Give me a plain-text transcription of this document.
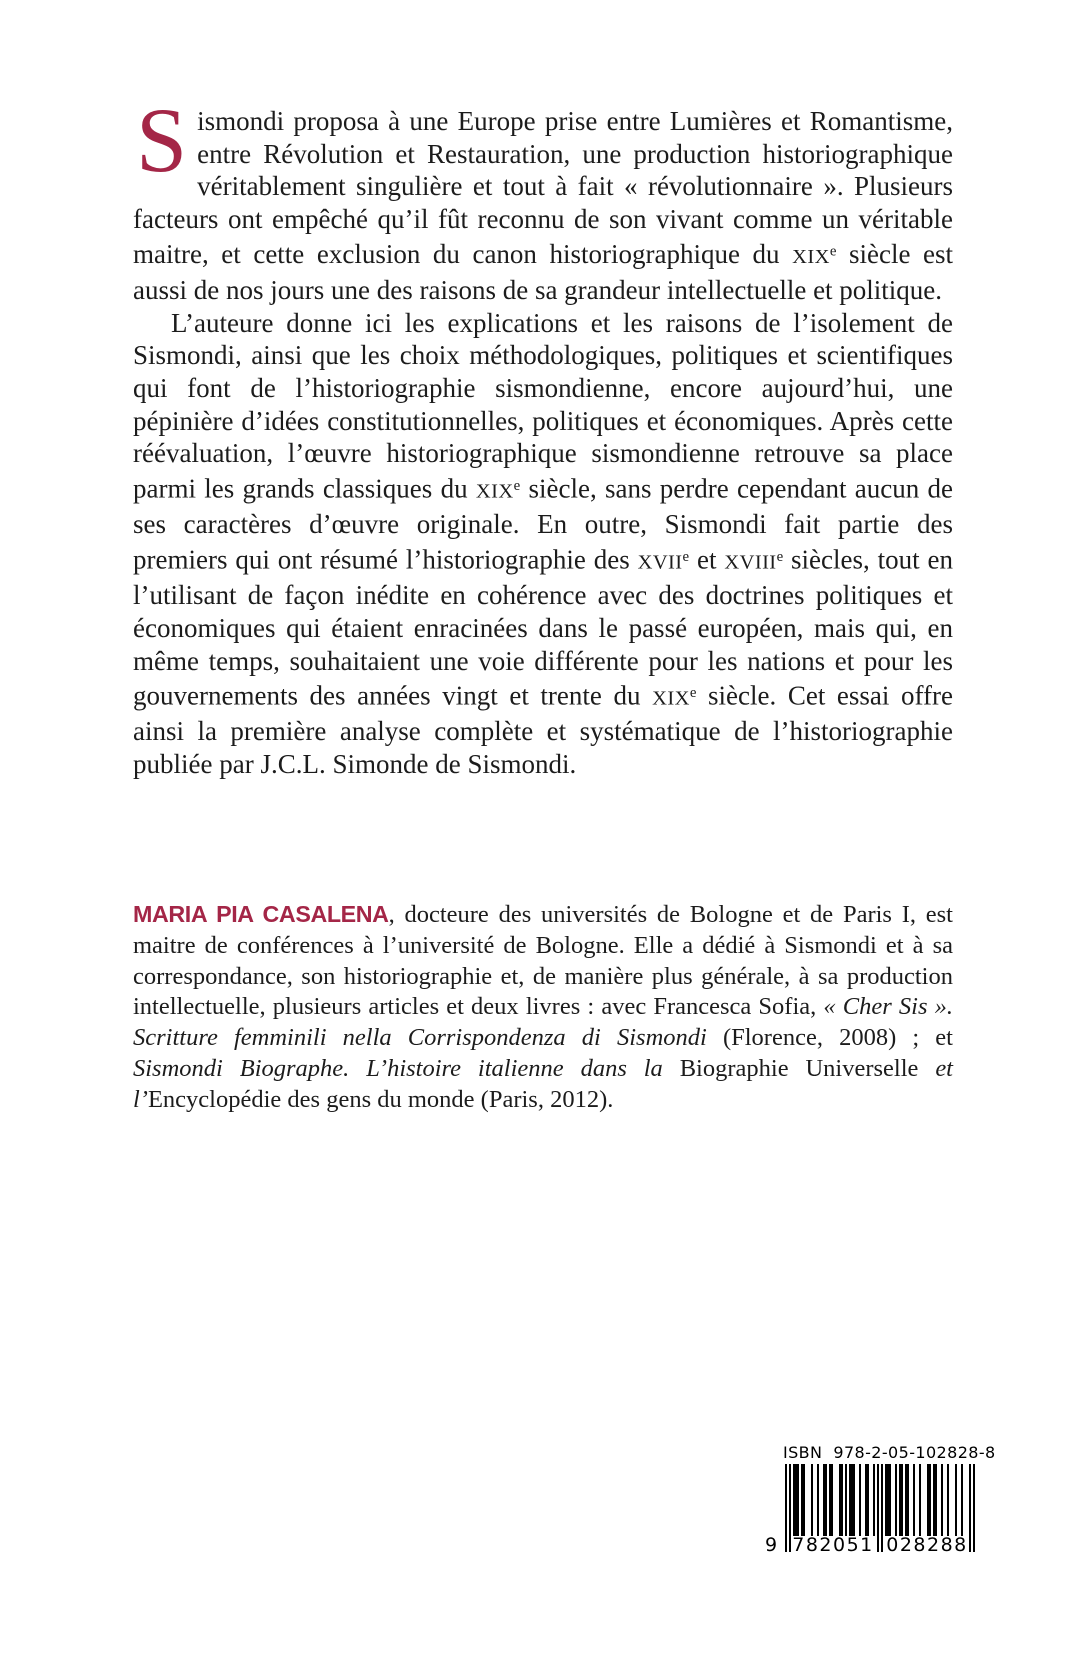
Sismondi proposa à une Europe prise entre Lumières et Romantisme, entre Révolution et Restauration, une production historiographique véritablement singulière et tout à fait « révolutionnaire ». Plusieurs facteurs ont empêché qu’il fût reconnu de son vivant comme un véritable maitre, et cette exclusion du canon historiographique du XIXe siècle est aussi de nos jours une des raisons de sa grandeur intellectuelle et politique.

L’auteure donne ici les explications et les raisons de l’isolement de Sismondi, ainsi que les choix méthodologiques, politiques et scientifiques qui font de l’historiographie sismondienne, encore aujourd’hui, une pépinière d’idées constitutionnelles, politiques et économiques. Après cette réévaluation, l’œuvre historiographique sismondienne retrouve sa place parmi les grands classiques du XIXe siècle, sans perdre cependant aucun de ses caractères d’œuvre originale. En outre, Sismondi fait partie des premiers qui ont résumé l’historiographie des XVIIe et XVIIIe siècles, tout en l’utilisant de façon inédite en cohérence avec des doctrines politiques et économiques qui étaient enracinées dans le passé européen, mais qui, en même temps, souhaitaient une voie différente pour les nations et pour les gouvernements des années vingt et trente du XIXe siècle. Cet essai offre ainsi la première analyse complète et systématique de l’historiographie publiée par J.C.L. Simonde de Sismondi.

MARIA PIA CASALENA, docteure des universités de Bologne et de Paris I, est maitre de conférences à l’université de Bologne. Elle a dédié à Sismondi et à sa correspondance, son historiographie et, de manière plus générale, à sa production intellectuelle, plusieurs articles et deux livres : avec Francesca Sofia, « Cher Sis ». Scritture femminili nella Corrispondenza di Sismondi (Florence, 2008) ; et Sismondi Biographe. L’histoire italienne dans la Biographie Universelle et l’Encyclopédie des gens du monde (Paris, 2012).

ISBN  978-2-05-102828-8
9 782051 028288
